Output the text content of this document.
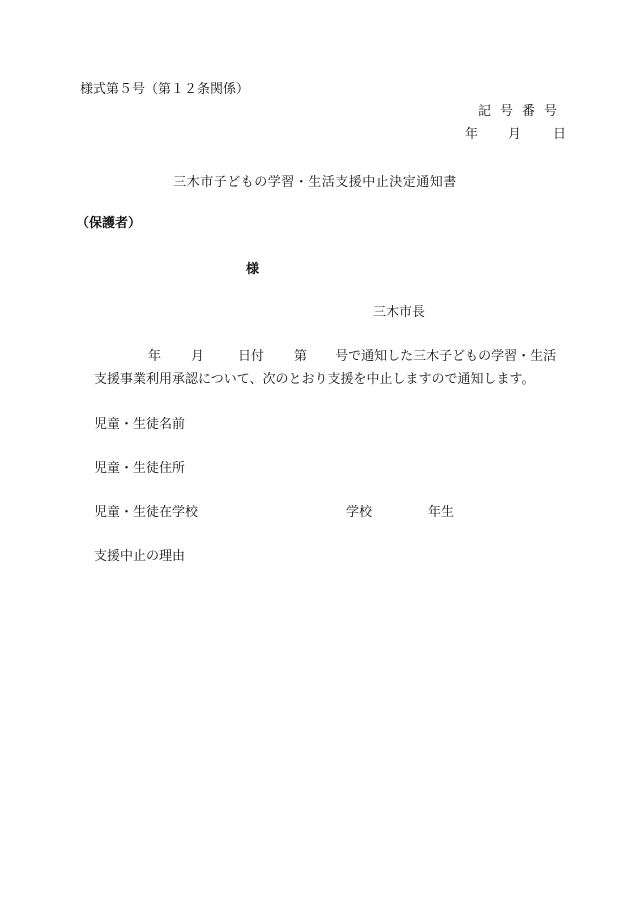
様式第５号（第１２条関係）
記号番号
年 月 日
三木市子どもの学習・生活支援中止決定通知書
（保護者）
様
三木市長
年 月	日付 第 号で通知した三木子どもの学習・生活
支援事業利用承認について、次のとおり支援を中止しますので通知します。
児童・生徒名前
児童・生徒住所
児童・生徒在学校	学校	年生
支援中止の理由
